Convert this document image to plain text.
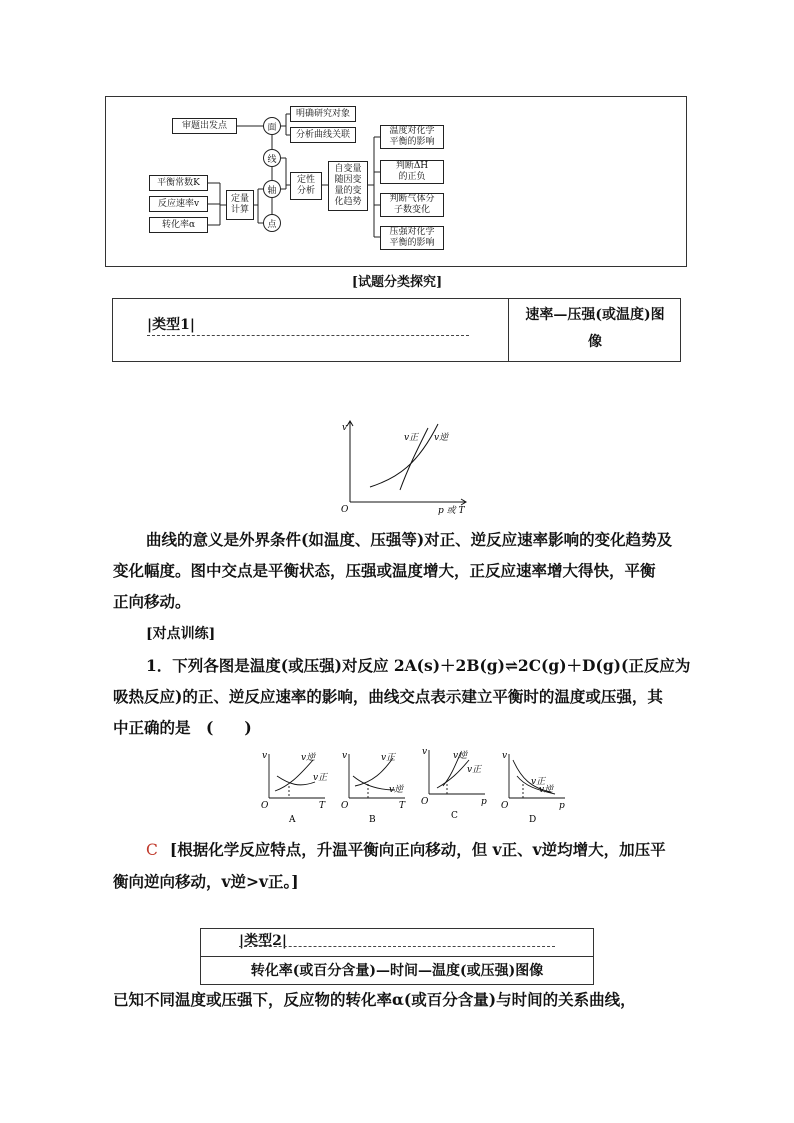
审题出发点	面
线
轴
点
明确研究对象
分析曲线关联
平衡常数K
反应速率v
转化率α
定量
计算
定性
分析
自变量
随因变
量的变
化趋势
温度对化学
平衡的影响
判断ΔH
的正负
判断气体分
子数变化
压强对化学
平衡的影响
[试题分类探究]
|类型1|
速率—压强(或温度)图
像
v
O	p 或 T
v正 v逆
曲线的意义是外界条件(如温度、压强等)对正、逆反应速率影响的变化趋势及
变化幅度。图中交点是平衡状态，压强或温度增大，正反应速率增大得快，平衡
正向移动。
[对点训练]
1．下列各图是温度(或压强)对反应 2A(s)＋2B(g)⇌2C(g)＋D(g)(正反应为
吸热反应)的正、逆反应速率的影响，曲线交点表示建立平衡时的温度或压强，其
中正确的是　(　　)
v
O	T
v逆
v正
A
v
O	T
v正
v逆
B
v
O	p
v逆
v正
C
v
O	p
v正
v逆
D
C [根据化学反应特点，升温平衡向正向移动，但 v正、v逆均增大，加压平
衡向逆向移动，v逆>v正。]
|类型2|
转化率(或百分含量)—时间—温度(或压强)图像
已知不同温度或压强下，反应物的转化率α(或百分含量)与时间的关系曲线，
